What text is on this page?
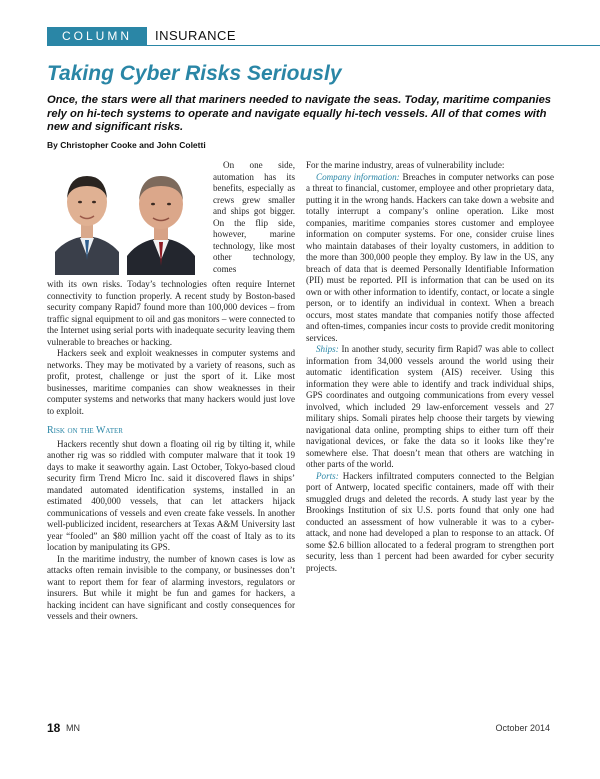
COLUMN	INSURANCE
Taking Cyber Risks Seriously

Once, the stars were all that mariners needed to navigate the seas. Today, maritime companies rely on hi-tech systems to operate and navigate equally hi-tech vessels. All of that comes with new and significant risks.

By Christopher Cooke and John Coletti

On one side, automation has its benefits, especially as crews grew smaller and ships got bigger. On the flip side, however, marine technology, like most other technology, comes

with its own risks. Today’s technologies often require Internet connectivity to function properly. A recent study by Boston-based security company Rapid7 found more than 100,000 devices – from traffic signal equipment to oil and gas monitors – were connected to the Internet using serial ports with inadequate security leaving them vulnerable to breaches or hacking.

Hackers seek and exploit weaknesses in computer systems and networks. They may be motivated by a variety of reasons, such as profit, protest, challenge or just the sport of it. Like most businesses, maritime companies can show weaknesses in their computer systems and networks that many hackers would just love to exploit.

Risk on the Water

Hackers recently shut down a floating oil rig by tilting it, while another rig was so riddled with computer malware that it took 19 days to make it seaworthy again. Last October, Tokyo-based cloud security firm Trend Micro Inc. said it discovered flaws in ships’ mandated automated identification systems, installed in an estimated 400,000 vessels, that can let attackers hijack communications of vessels and even create fake vessels. In another well-publicized incident, researchers at Texas A&M University last year “fooled” an $80 million yacht off the coast of Italy as to its location by manipulating its GPS.

In the maritime industry, the number of known cases is low as attacks often remain invisible to the company, or businesses don’t want to report them for fear of alarming investors, regulators or insurers. But while it might be fun and games for hackers, a hacking incident can have significant and costly consequences for vessels and their owners.

For the marine industry, areas of vulnerability include:

Company information: Breaches in computer networks can pose a threat to financial, customer, employee and other proprietary data, putting it in the wrong hands. Hackers can take down a website and totally interrupt a company’s online operation. Like most companies, maritime companies stores customer and employee information on computer systems. For one, consider cruise lines who maintain databases of their loyalty customers, in addition to the more than 300,000 people they employ. By law in the US, any breach of data that is deemed Personally Identifiable Information (PII) must be reported. PII is information that can be used on its own or with other information to identify, contact, or locate a single person, or to identify an individual in context. When a breach occurs, most states mandate that companies notify those affected and often-times, companies incur costs to provide credit monitoring services.

Ships: In another study, security firm Rapid7 was able to collect information from 34,000 vessels around the world using their automatic identification system (AIS) receiver. Using this information they were able to identify and track individual ships, GPS coordinates and outgoing communications from every vessel involved, which included 29 law-enforcement vessels and 27 military ships. Somali pirates help choose their targets by viewing navigational data online, prompting ships to either turn off their navigational devices, or fake the data so it looks like they’re somewhere else. That doesn’t mean that others are watching in other parts of the world.

Ports: Hackers infiltrated computers connected to the Belgian port of Antwerp, located specific containers, made off with their smuggled drugs and deleted the records. A study last year by the Brookings Institution of six U.S. ports found that only one had conducted an assessment of how vulnerable it was to a cyber-attack, and none had developed a plan to response to an attack. Of some $2.6 billion allocated to a federal program to strengthen port security, less than 1 percent had been awarded for cyber security projects.

18 MN	October 2014
